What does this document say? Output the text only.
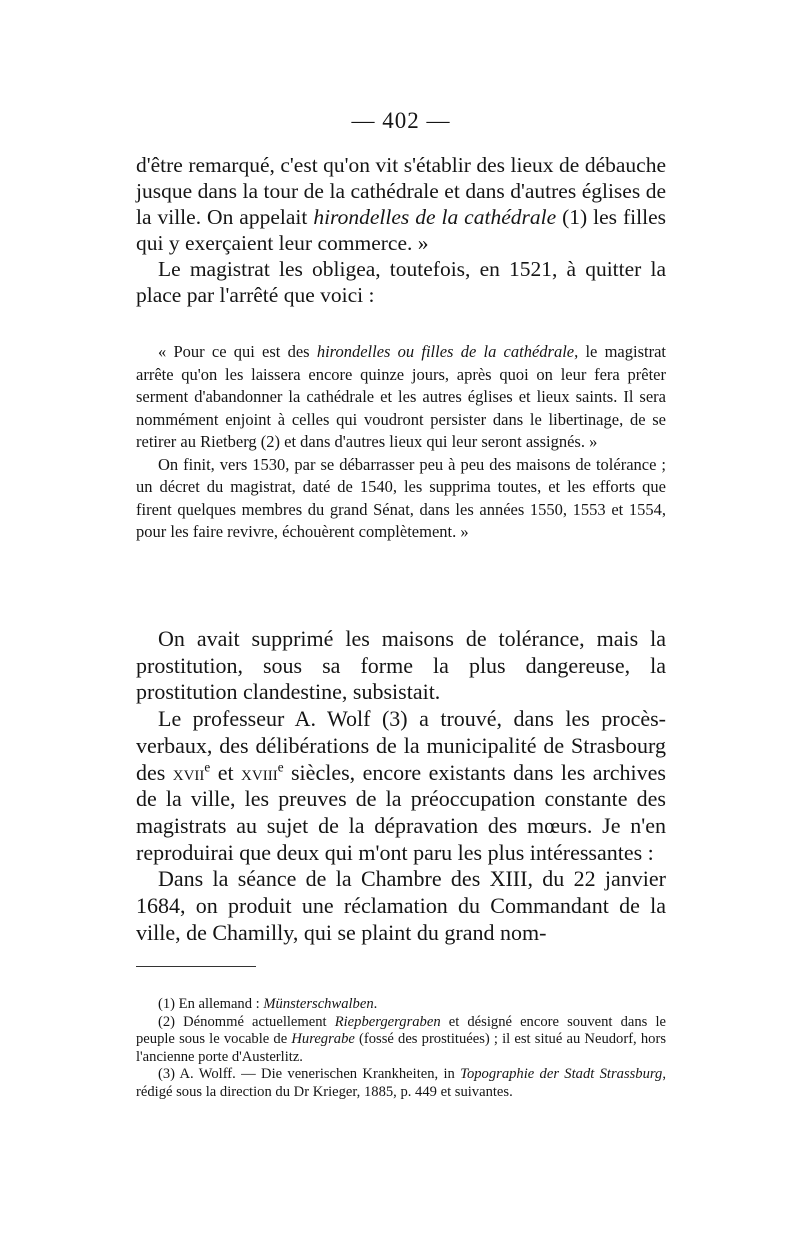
— 402 —

d'être remarqué, c'est qu'on vit s'établir des lieux de débauche jusque dans la tour de la cathédrale et dans d'autres églises de la ville. On appelait hirondelles de la cathédrale (1) les filles qui y exerçaient leur commerce. »

Le magistrat les obligea, toutefois, en 1521, à quitter la place par l'arrêté que voici :

« Pour ce qui est des hirondelles ou filles de la cathédrale, le magistrat arrête qu'on les laissera encore quinze jours, après quoi on leur fera prêter serment d'abandonner la cathédrale et les autres églises et lieux saints. Il sera nommément enjoint à celles qui voudront persister dans le libertinage, de se retirer au Rietberg (2) et dans d'autres lieux qui leur seront assignés. »

On finit, vers 1530, par se débarrasser peu à peu des maisons de tolérance ; un décret du magistrat, daté de 1540, les supprima toutes, et les efforts que firent quelques membres du grand Sénat, dans les années 1550, 1553 et 1554, pour les faire revivre, échouèrent complètement. »

On avait supprimé les maisons de tolérance, mais la prostitution, sous sa forme la plus dangereuse, la prostitution clandestine, subsistait.

Le professeur A. Wolf (3) a trouvé, dans les procès-verbaux, des délibérations de la municipalité de Strasbourg des xvii$^e$ et xviii$^e$ siècles, encore existants dans les archives de la ville, les preuves de la préoccupation constante des magistrats au sujet de la dépravation des mœurs. Je n'en reproduirai que deux qui m'ont paru les plus intéressantes :

Dans la séance de la Chambre des XIII, du 22 janvier 1684, on produit une réclamation du Commandant de la ville, de Chamilly, qui se plaint du grand nom-

(1) En allemand : Münsterschwalben.

(2) Dénommé actuellement Riepbergergraben et désigné encore souvent dans le peuple sous le vocable de Huregrabe (fossé des prostituées) ; il est situé au Neudorf, hors l'ancienne porte d'Austerlitz.

(3) A. Wolff. — Die venerischen Krankheiten, in Topographie der Stadt Strassburg, rédigé sous la direction du Dr Krieger, 1885, p. 449 et suivantes.
